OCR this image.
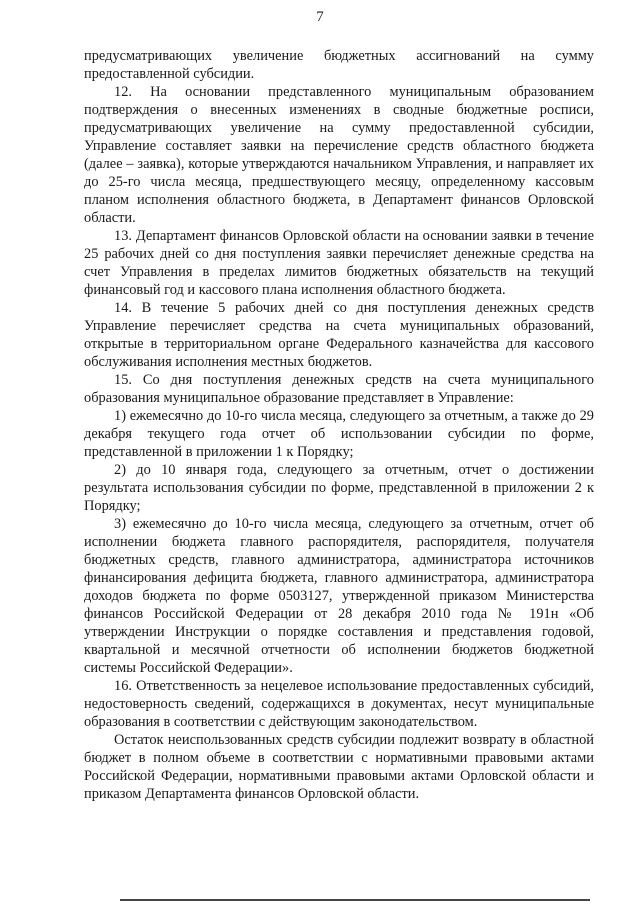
7

предусматривающих увеличение бюджетных ассигнований на сумму предоставленной субсидии.

12. На основании представленного муниципальным образованием подтверждения о внесенных изменениях в сводные бюджетные росписи, предусматривающих увеличение на сумму предоставленной субсидии, Управление составляет заявки на перечисление средств областного бюджета (далее – заявка), которые утверждаются начальником Управления, и направляет их до 25-го числа месяца, предшествующего месяцу, определенному кассовым планом исполнения областного бюджета, в Департамент финансов Орловской области.

13. Департамент финансов Орловской области на основании заявки в течение 25 рабочих дней со дня поступления заявки перечисляет денежные средства на счет Управления в пределах лимитов бюджетных обязательств на текущий финансовый год и кассового плана исполнения областного бюджета.

14. В течение 5 рабочих дней со дня поступления денежных средств Управление перечисляет средства на счета муниципальных образований, открытые в территориальном органе Федерального казначейства для кассового обслуживания исполнения местных бюджетов.

15. Со дня поступления денежных средств на счета муниципального образования муниципальное образование представляет в Управление:

1) ежемесячно до 10-го числа месяца, следующего за отчетным, а также до 29 декабря текущего года отчет об использовании субсидии по форме, представленной в приложении 1 к Порядку;

2) до 10 января года, следующего за отчетным, отчет о достижении результата использования субсидии по форме, представленной в приложении 2 к Порядку;

3) ежемесячно до 10-го числа месяца, следующего за отчетным, отчет об исполнении бюджета главного распорядителя, распорядителя, получателя бюджетных средств, главного администратора, администратора источников финансирования дефицита бюджета, главного администратора, администратора доходов бюджета по форме 0503127, утвержденной приказом Министерства финансов Российской Федерации от 28 декабря 2010 года № 191н «Об утверждении Инструкции о порядке составления и представления годовой, квартальной и месячной отчетности об исполнении бюджетов бюджетной системы Российской Федерации».

16. Ответственность за нецелевое использование предоставленных субсидий, недостоверность сведений, содержащихся в документах, несут муниципальные образования в соответствии с действующим законодательством.

Остаток неиспользованных средств субсидии подлежит возврату в областной бюджет в полном объеме в соответствии с нормативными правовыми актами Российской Федерации, нормативными правовыми актами Орловской области и приказом Департамента финансов Орловской области.
